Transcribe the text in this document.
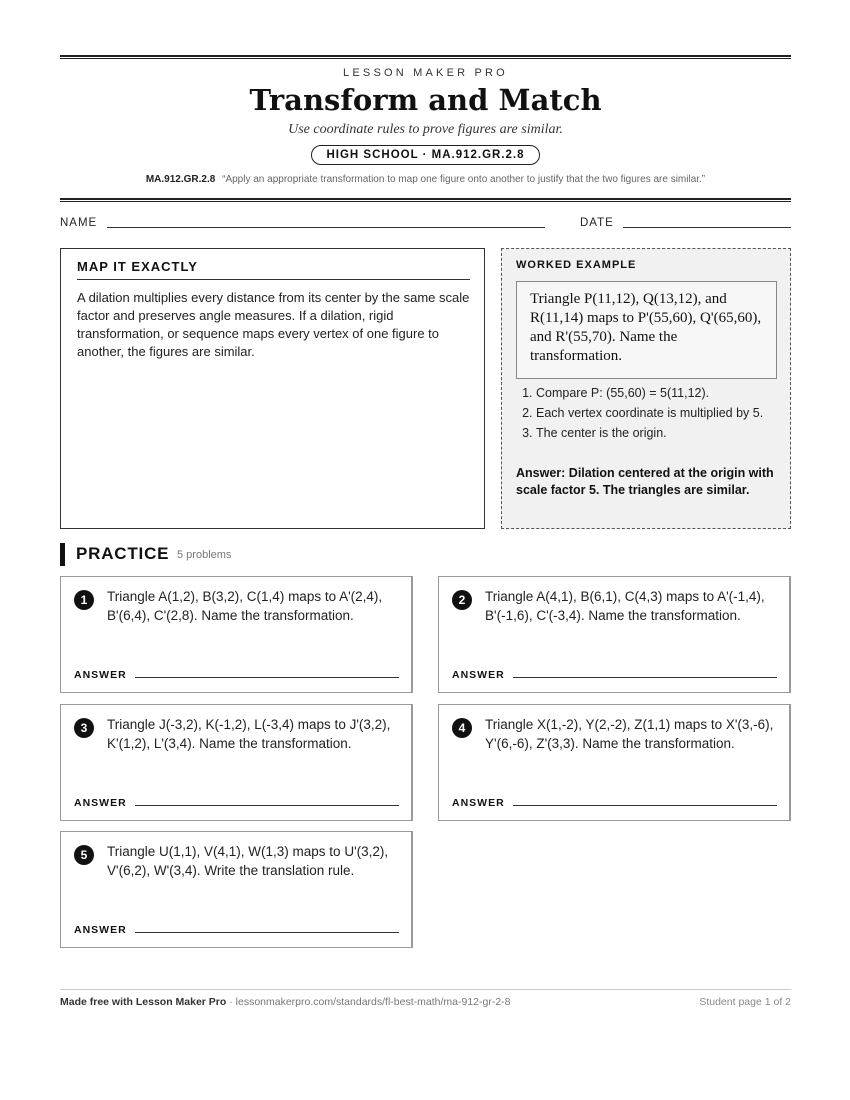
LESSON MAKER PRO
Transform and Match
Use coordinate rules to prove figures are similar.
HIGH SCHOOL · MA.912.GR.2.8
MA.912.GR.2.8 “Apply an appropriate transformation to map one figure onto another to justify that the two figures are similar.”
NAME	DATE
MAP IT EXACTLY
A dilation multiplies every distance from its center by the same scale factor and preserves angle measures. If a dilation, rigid transformation, or sequence maps every vertex of one figure to another, the figures are similar.
WORKED EXAMPLE
Triangle P(11,12), Q(13,12), and R(11,14) maps to P'(55,60), Q'(65,60), and R'(55,70). Name the transformation.
1. Compare P: (55,60) = 5(11,12).
2. Each vertex coordinate is multiplied by 5.
3. The center is the origin.
Answer: Dilation centered at the origin with scale factor 5. The triangles are similar.
PRACTICE 5 problems
1	Triangle A(1,2), B(3,2), C(1,4) maps to A'(2,4), B'(6,4), C'(2,8). Name the transformation.
ANSWER
2	Triangle A(4,1), B(6,1), C(4,3) maps to A'(-1,4), B'(-1,6), C'(-3,4). Name the transformation.
ANSWER
3	Triangle J(-3,2), K(-1,2), L(-3,4) maps to J'(3,2), K'(1,2), L'(3,4). Name the transformation.
ANSWER
4	Triangle X(1,-2), Y(2,-2), Z(1,1) maps to X'(3,-6), Y'(6,-6), Z'(3,3). Name the transformation.
ANSWER
5	Triangle U(1,1), V(4,1), W(1,3) maps to U'(3,2), V'(6,2), W'(3,4). Write the translation rule.
ANSWER
Made free with Lesson Maker Pro · lessonmakerpro.com/standards/fl-best-math/ma-912-gr-2-8	Student page 1 of 2
